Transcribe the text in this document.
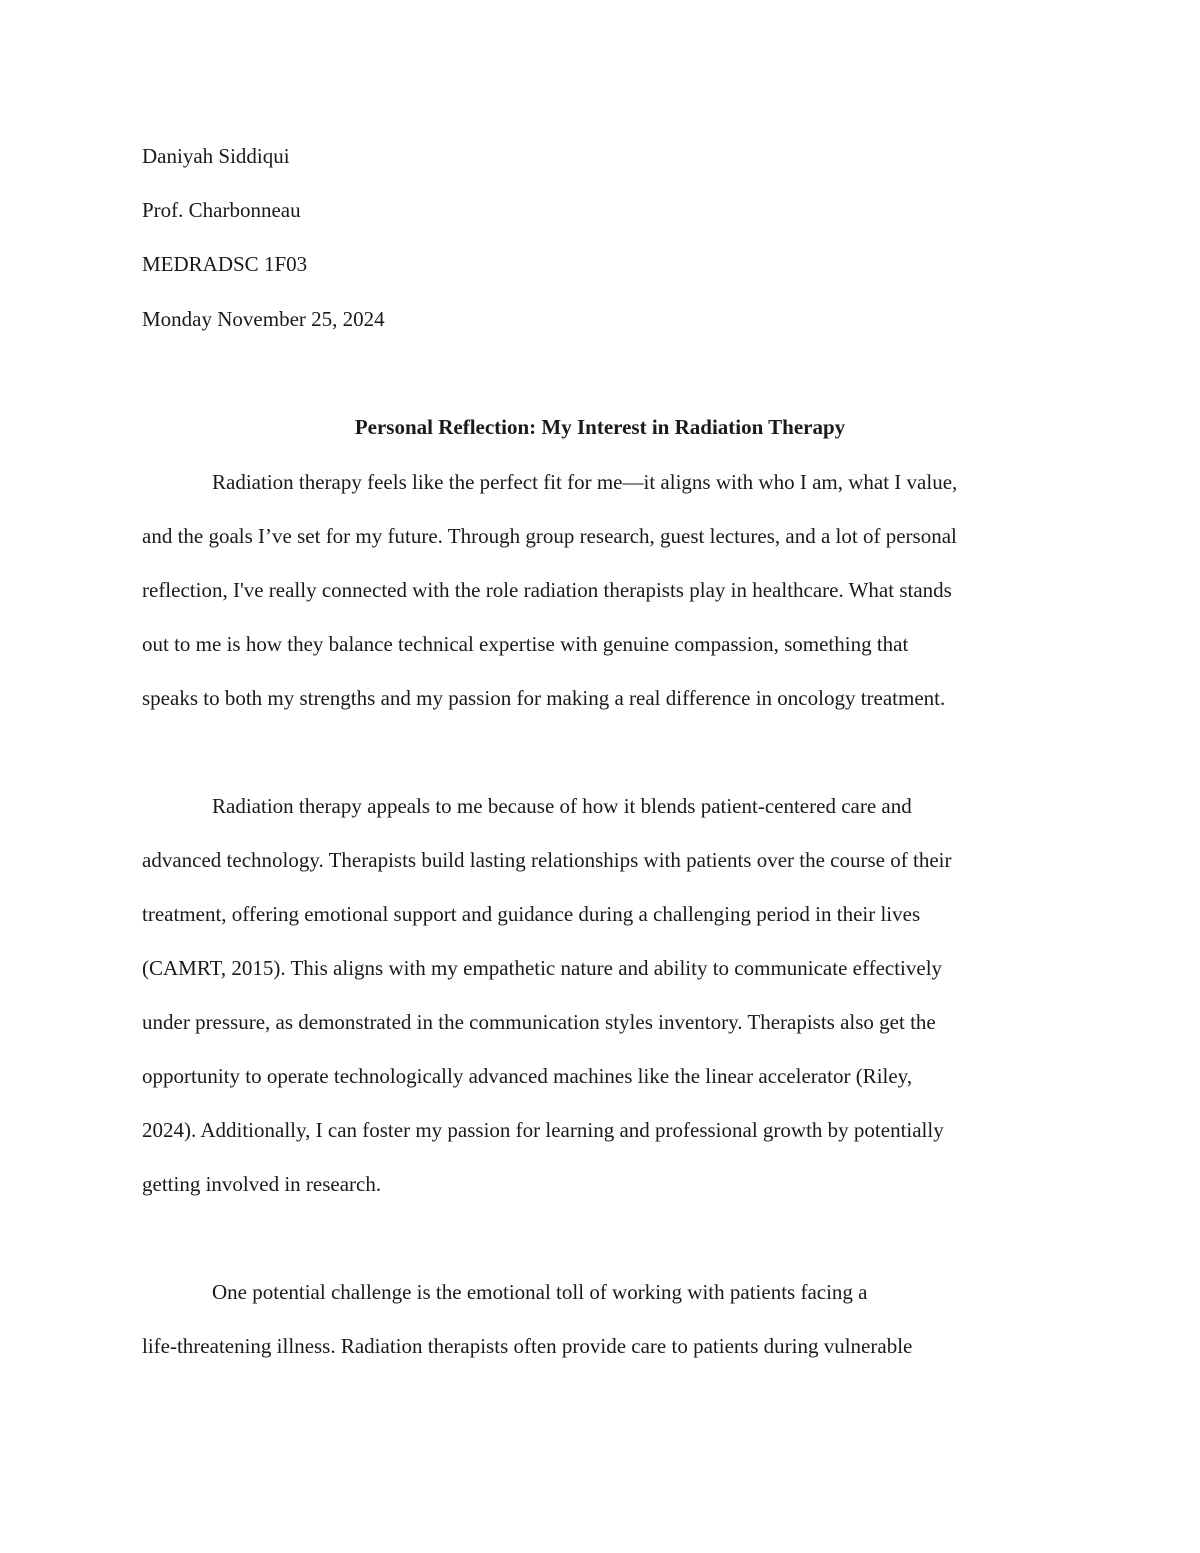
Daniyah Siddiqui
Prof. Charbonneau
MEDRADSC 1F03
Monday November 25, 2024
Personal Reflection: My Interest in Radiation Therapy
Radiation therapy feels like the perfect fit for me—it aligns with who I am, what I value,
and the goals I’ve set for my future. Through group research, guest lectures, and a lot of personal
reflection, I've really connected with the role radiation therapists play in healthcare. What stands
out to me is how they balance technical expertise with genuine compassion, something that
speaks to both my strengths and my passion for making a real difference in oncology treatment.
Radiation therapy appeals to me because of how it blends patient-centered care and
advanced technology. Therapists build lasting relationships with patients over the course of their
treatment, offering emotional support and guidance during a challenging period in their lives
(CAMRT, 2015). This aligns with my empathetic nature and ability to communicate effectively
under pressure, as demonstrated in the communication styles inventory. Therapists also get the
opportunity to operate technologically advanced machines like the linear accelerator (Riley,
2024). Additionally, I can foster my passion for learning and professional growth by potentially
getting involved in research.
One potential challenge is the emotional toll of working with patients facing a
life-threatening illness. Radiation therapists often provide care to patients during vulnerable
